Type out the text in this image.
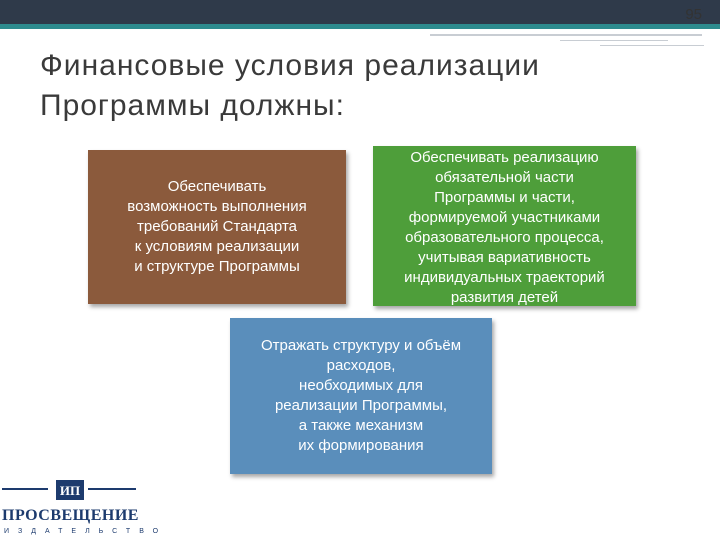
95
Финансовые условия реализации
Программы должны:
Обеспечивать
возможность выполнения
требований Стандарта
к условиям реализации
и структуре Программы
Обеспечивать реализацию
обязательной части
Программы и части,
формируемой участниками
образовательного процесса,
учитывая вариативность
индивидуальных траекторий
развития детей
Отражать структуру и объём
расходов,
необходимых для
реализации Программы,
а также механизм
их формирования
ИП
ПРОСВЕЩЕНИЕ
ИЗДАТЕЛЬСТВО
